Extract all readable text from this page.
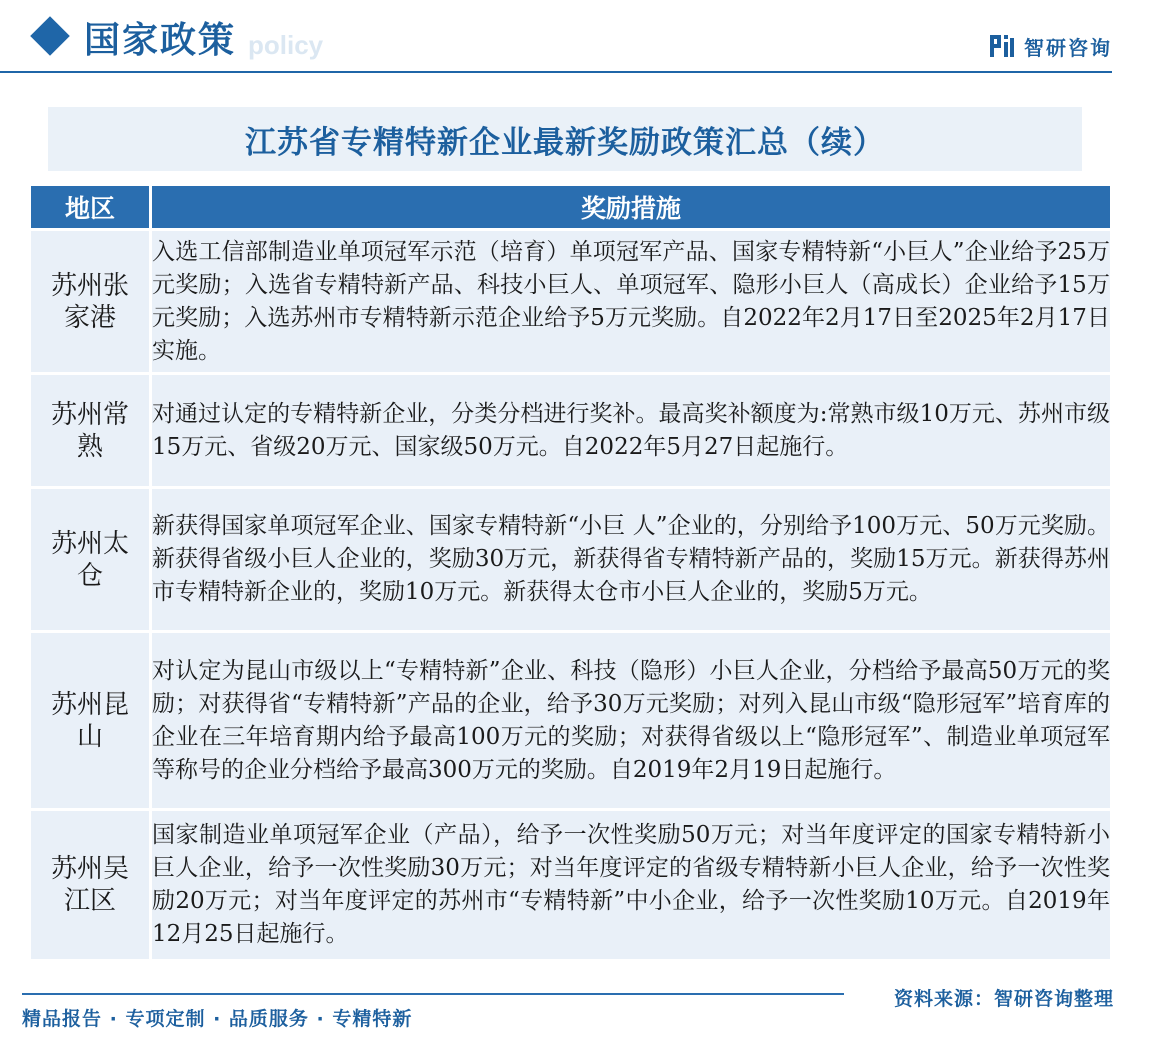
国家政策 policy	智研咨询
江苏省专精特新企业最新奖励政策汇总（续）
地区	奖励措施

苏州张家港	入选工信部制造业单项冠军示范（培育）单项冠军产品、国家专精特新“小巨人”企业给予25万元奖励；入选省专精特新产品、科技小巨人、单项冠军、隐形小巨人（高成长）企业给予15万元奖励；入选苏州市专精特新示范企业给予5万元奖励。自2022年2月17日至2025年2月17日实施。

苏州常熟	对通过认定的专精特新企业，分类分档进行奖补。最高奖补额度为:常熟市级10万元、苏州市级15万元、省级20万元、国家级50万元。自2022年5月27日起施行。

苏州太仓	新获得国家单项冠军企业、国家专精特新“小巨 人”企业的，分别给予100万元、50万元奖励。新获得省级小巨人企业的，奖励30万元，新获得省专精特新产品的，奖励15万元。新获得苏州市专精特新企业的，奖励10万元。新获得太仓市小巨人企业的，奖励5万元。

苏州昆山	对认定为昆山市级以上“专精特新”企业、科技（隐形）小巨人企业，分档给予最高50万元的奖 励；对获得省“专精特新”产品的企业，给予30万元奖励；对列入昆山市级“隐形冠军”培育库的企业在三年培育期内给予最高100万元的奖励；对获得省级以上“隐形冠军”、制造业单项冠军等称号的企业分档给予最高300万元的奖励。自2019年2月19日起施行。

苏州吴江区	国家制造业单项冠军企业（产品），给予一次性奖励50万元；对当年度评定的国家专精特新小巨人企业，给予一次性奖励30万元；对当年度评定的省级专精特新小巨人企业，给予一次性奖励20万元；对当年度评定的苏州市“专精特新”中小企业，给予一次性奖励10万元。自2019年12月25日起施行。
精品报告 · 专项定制 · 品质服务 · 专精特新
资料来源：智研咨询整理
